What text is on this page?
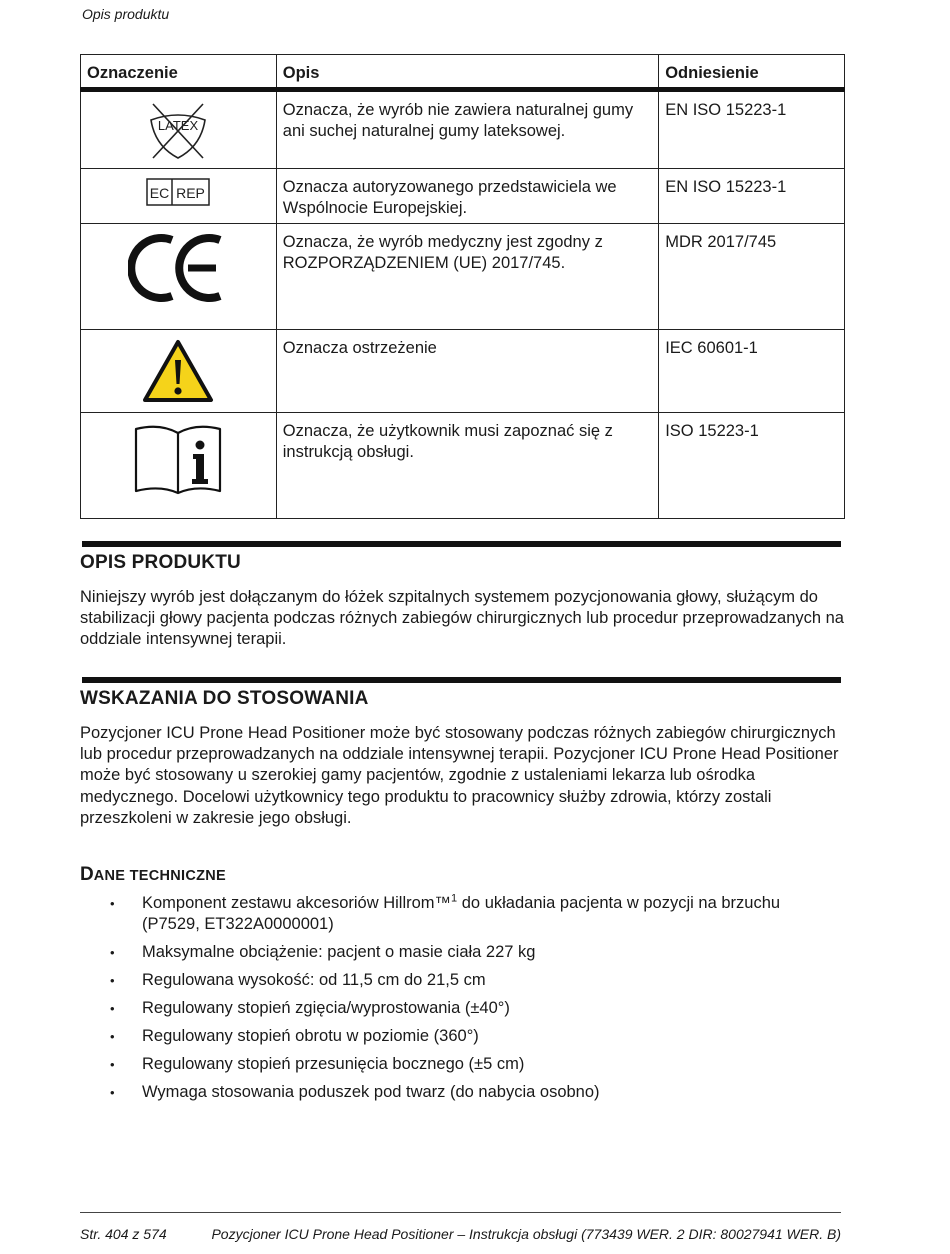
Opis produktu
Oznaczenie	Opis	Odniesienie

LATEX	Oznacza, że wyrób nie zawiera naturalnej gumy ani suchej naturalnej gumy lateksowej.	EN ISO 15223-1

EC REP	Oznacza autoryzowanego przedstawiciela we Wspólnocie Europejskiej.	EN ISO 15223-1

	Oznacza, że wyrób medyczny jest zgodny z ROZPORZĄDZENIEM (UE) 2017/745.	MDR 2017/745

	Oznacza ostrzeżenie	IEC 60601-1

	Oznacza, że użytkownik musi zapoznać się z instrukcją obsługi.	ISO 15223-1
OPIS PRODUKTU
Niniejszy wyrób jest dołączanym do łóżek szpitalnych systemem pozycjonowania głowy, służącym do stabilizacji głowy pacjenta podczas różnych zabiegów chirurgicznych lub procedur przeprowadzanych na oddziale intensywnej terapii.
WSKAZANIA DO STOSOWANIA
Pozycjoner ICU Prone Head Positioner może być stosowany podczas różnych zabiegów chirurgicznych lub procedur przeprowadzanych na oddziale intensywnej terapii. Pozycjoner ICU Prone Head Positioner może być stosowany u szerokiej gamy pacjentów, zgodnie z ustaleniami lekarza lub ośrodka medycznego. Docelowi użytkownicy tego produktu to pracownicy służby zdrowia, którzy zostali przeszkoleni w zakresie jego obsługi.
DANE TECHNICZNE
• Komponent zestawu akcesoriów Hillrom™$^1$ do układania pacjenta w pozycji na brzuchu (P7529, ET322A0000001)
• Maksymalne obciążenie: pacjent o masie ciała 227 kg
• Regulowana wysokość: od 11,5 cm do 21,5 cm
• Regulowany stopień zgięcia/wyprostowania (±40°)
• Regulowany stopień obrotu w poziomie (360°)
• Regulowany stopień przesunięcia bocznego (±5 cm)
• Wymaga stosowania poduszek pod twarz (do nabycia osobno)
Str. 404 z 574	Pozycjoner ICU Prone Head Positioner – Instrukcja obsługi (773439 WER. 2 DIR: 80027941 WER. B)
